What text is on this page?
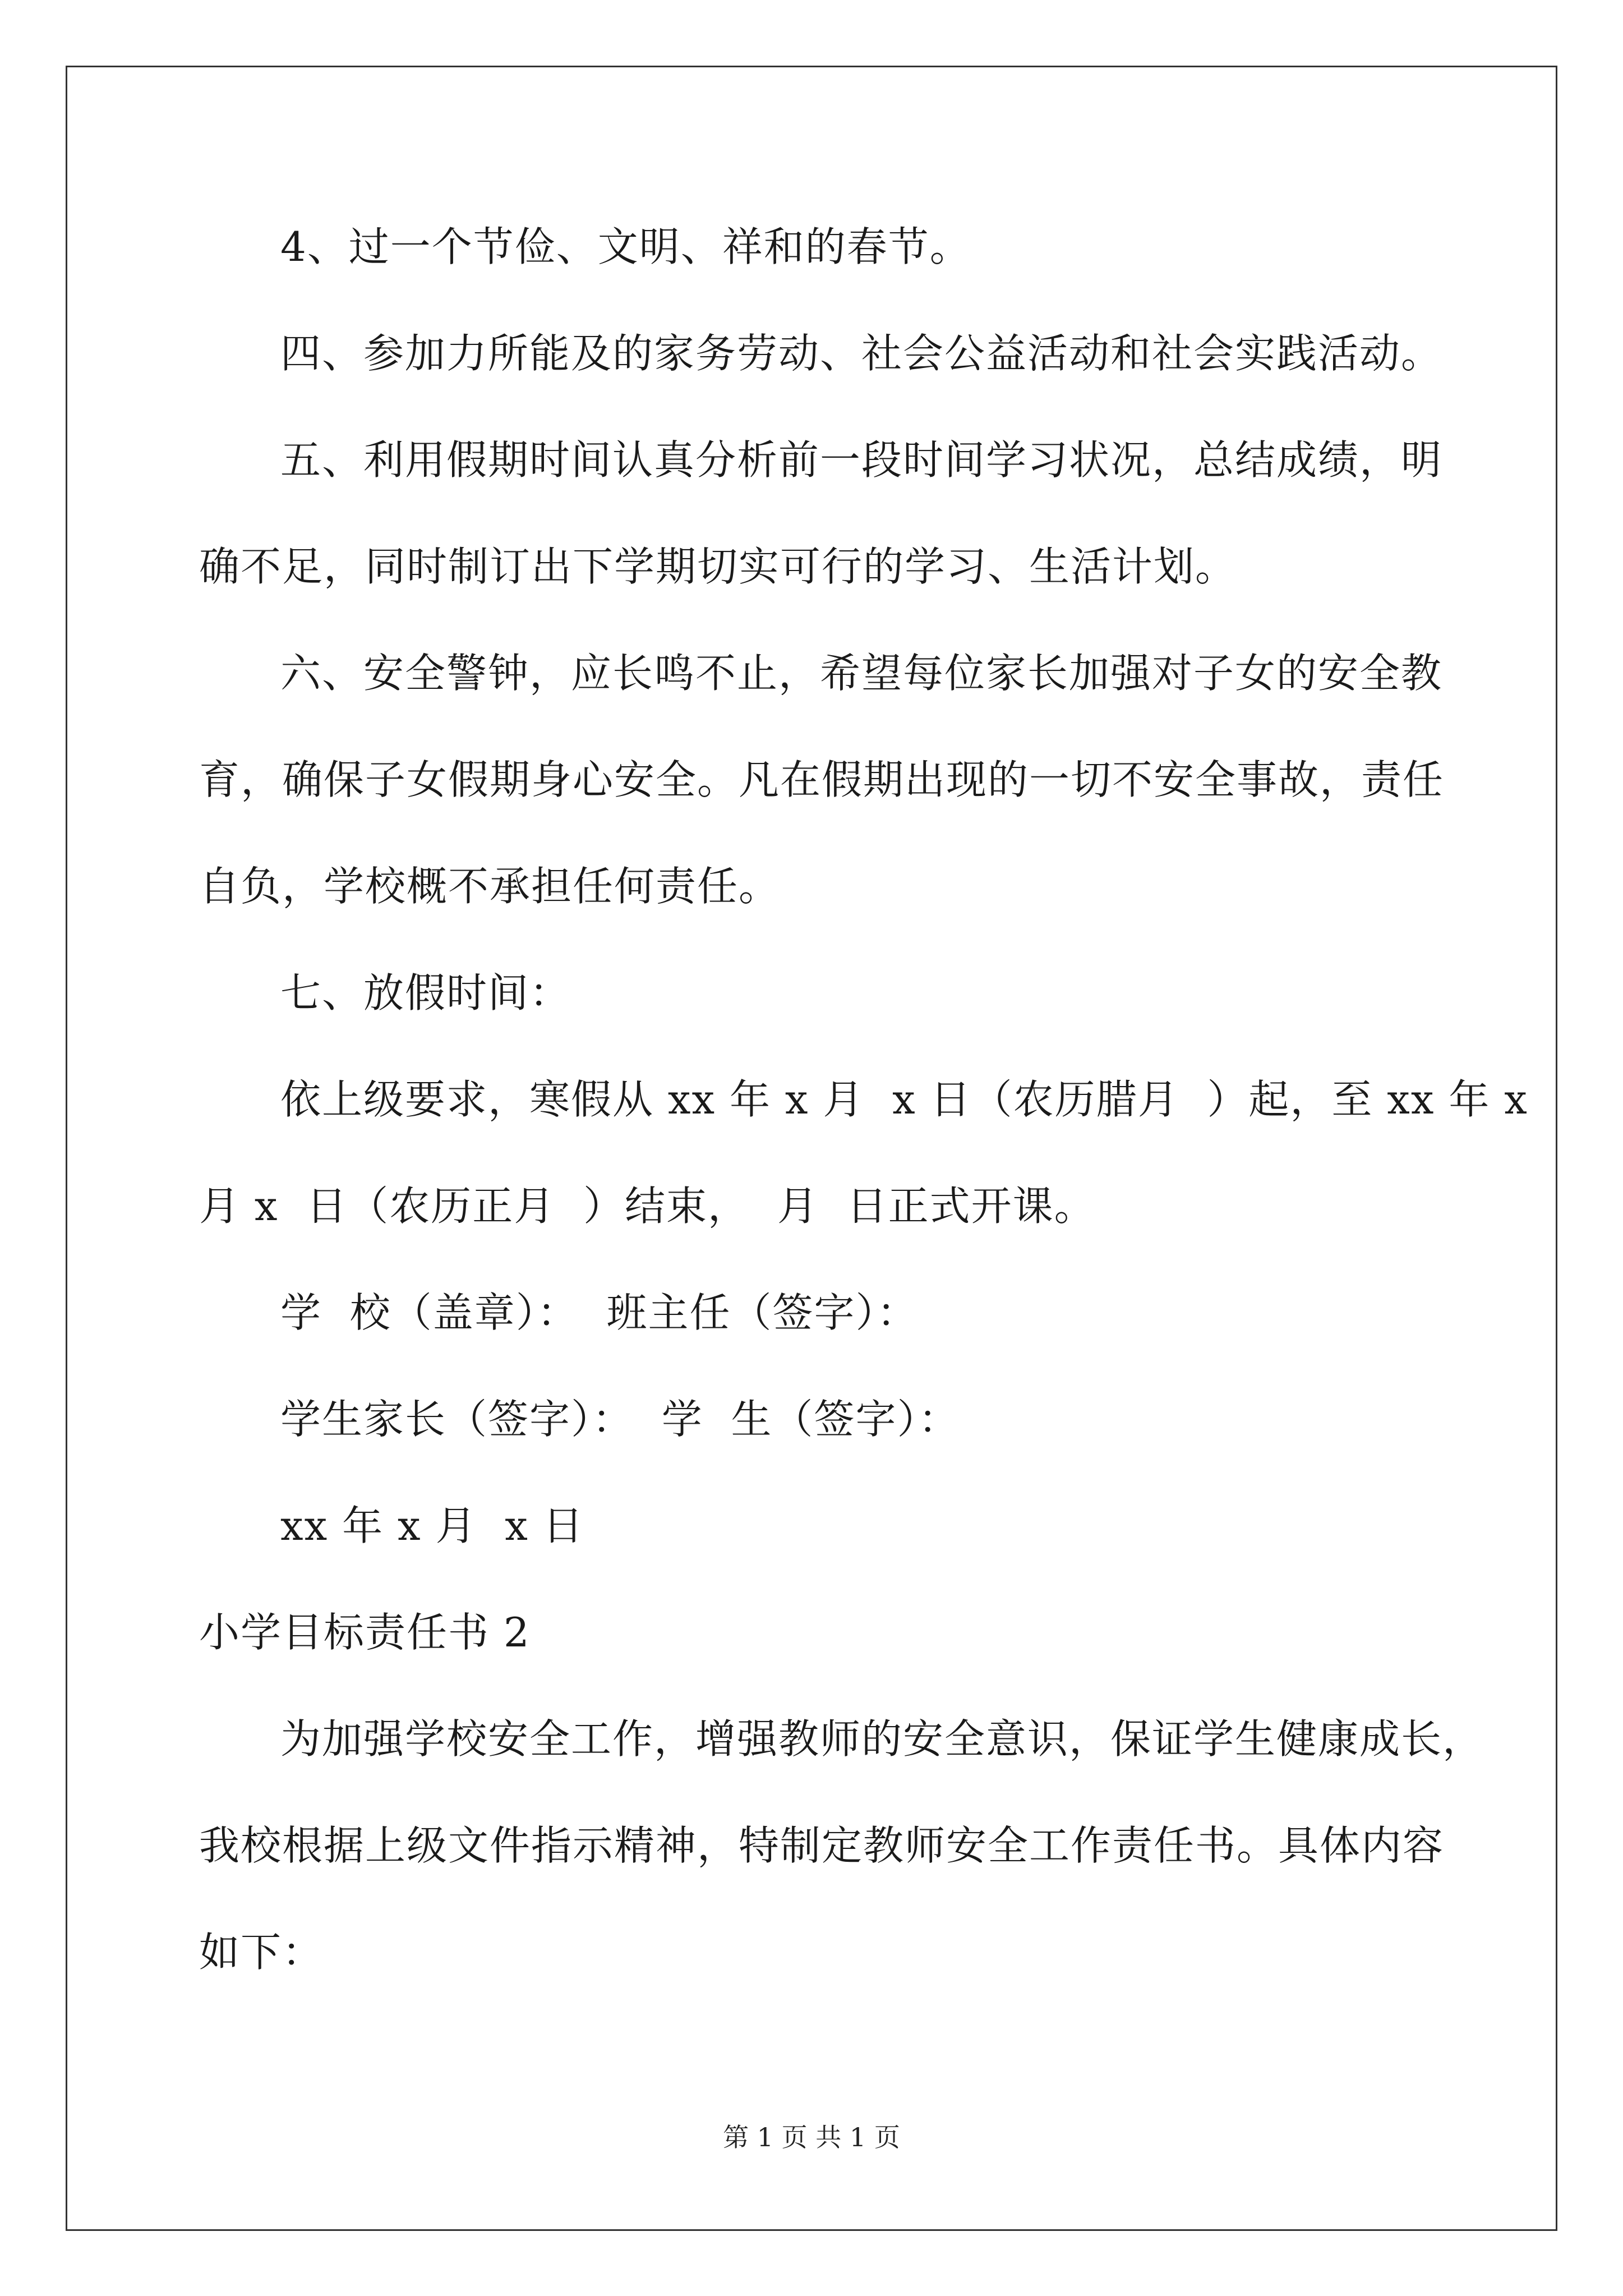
4、过一个节俭、文明、祥和的春节。
四、参加力所能及的家务劳动、社会公益活动和社会实践活动。
五、利用假期时间认真分析前一段时间学习状况，总结成绩，明
确不足，同时制订出下学期切实可行的学习、生活计划。
六、安全警钟，应长鸣不止，希望每位家长加强对子女的安全教
育，确保子女假期身心安全。凡在假期出现的一切不安全事故，责任
自负，学校概不承担任何责任。
七、放假时间：
依上级要求，寒假从 xx 年 x 月  x 日（农历腊月  ）起，至 xx 年 x
月 x  日（农历正月  ）结束，  月  日正式开课。
学  校（盖章）：  班主任（签字）：
学生家长（签字）：  学  生（签字）：
xx 年 x 月  x 日
小学目标责任书 2
为加强学校安全工作，增强教师的安全意识，保证学生健康成长，
我校根据上级文件指示精神，特制定教师安全工作责任书。具体内容
如下：
第 1 页 共 1 页
